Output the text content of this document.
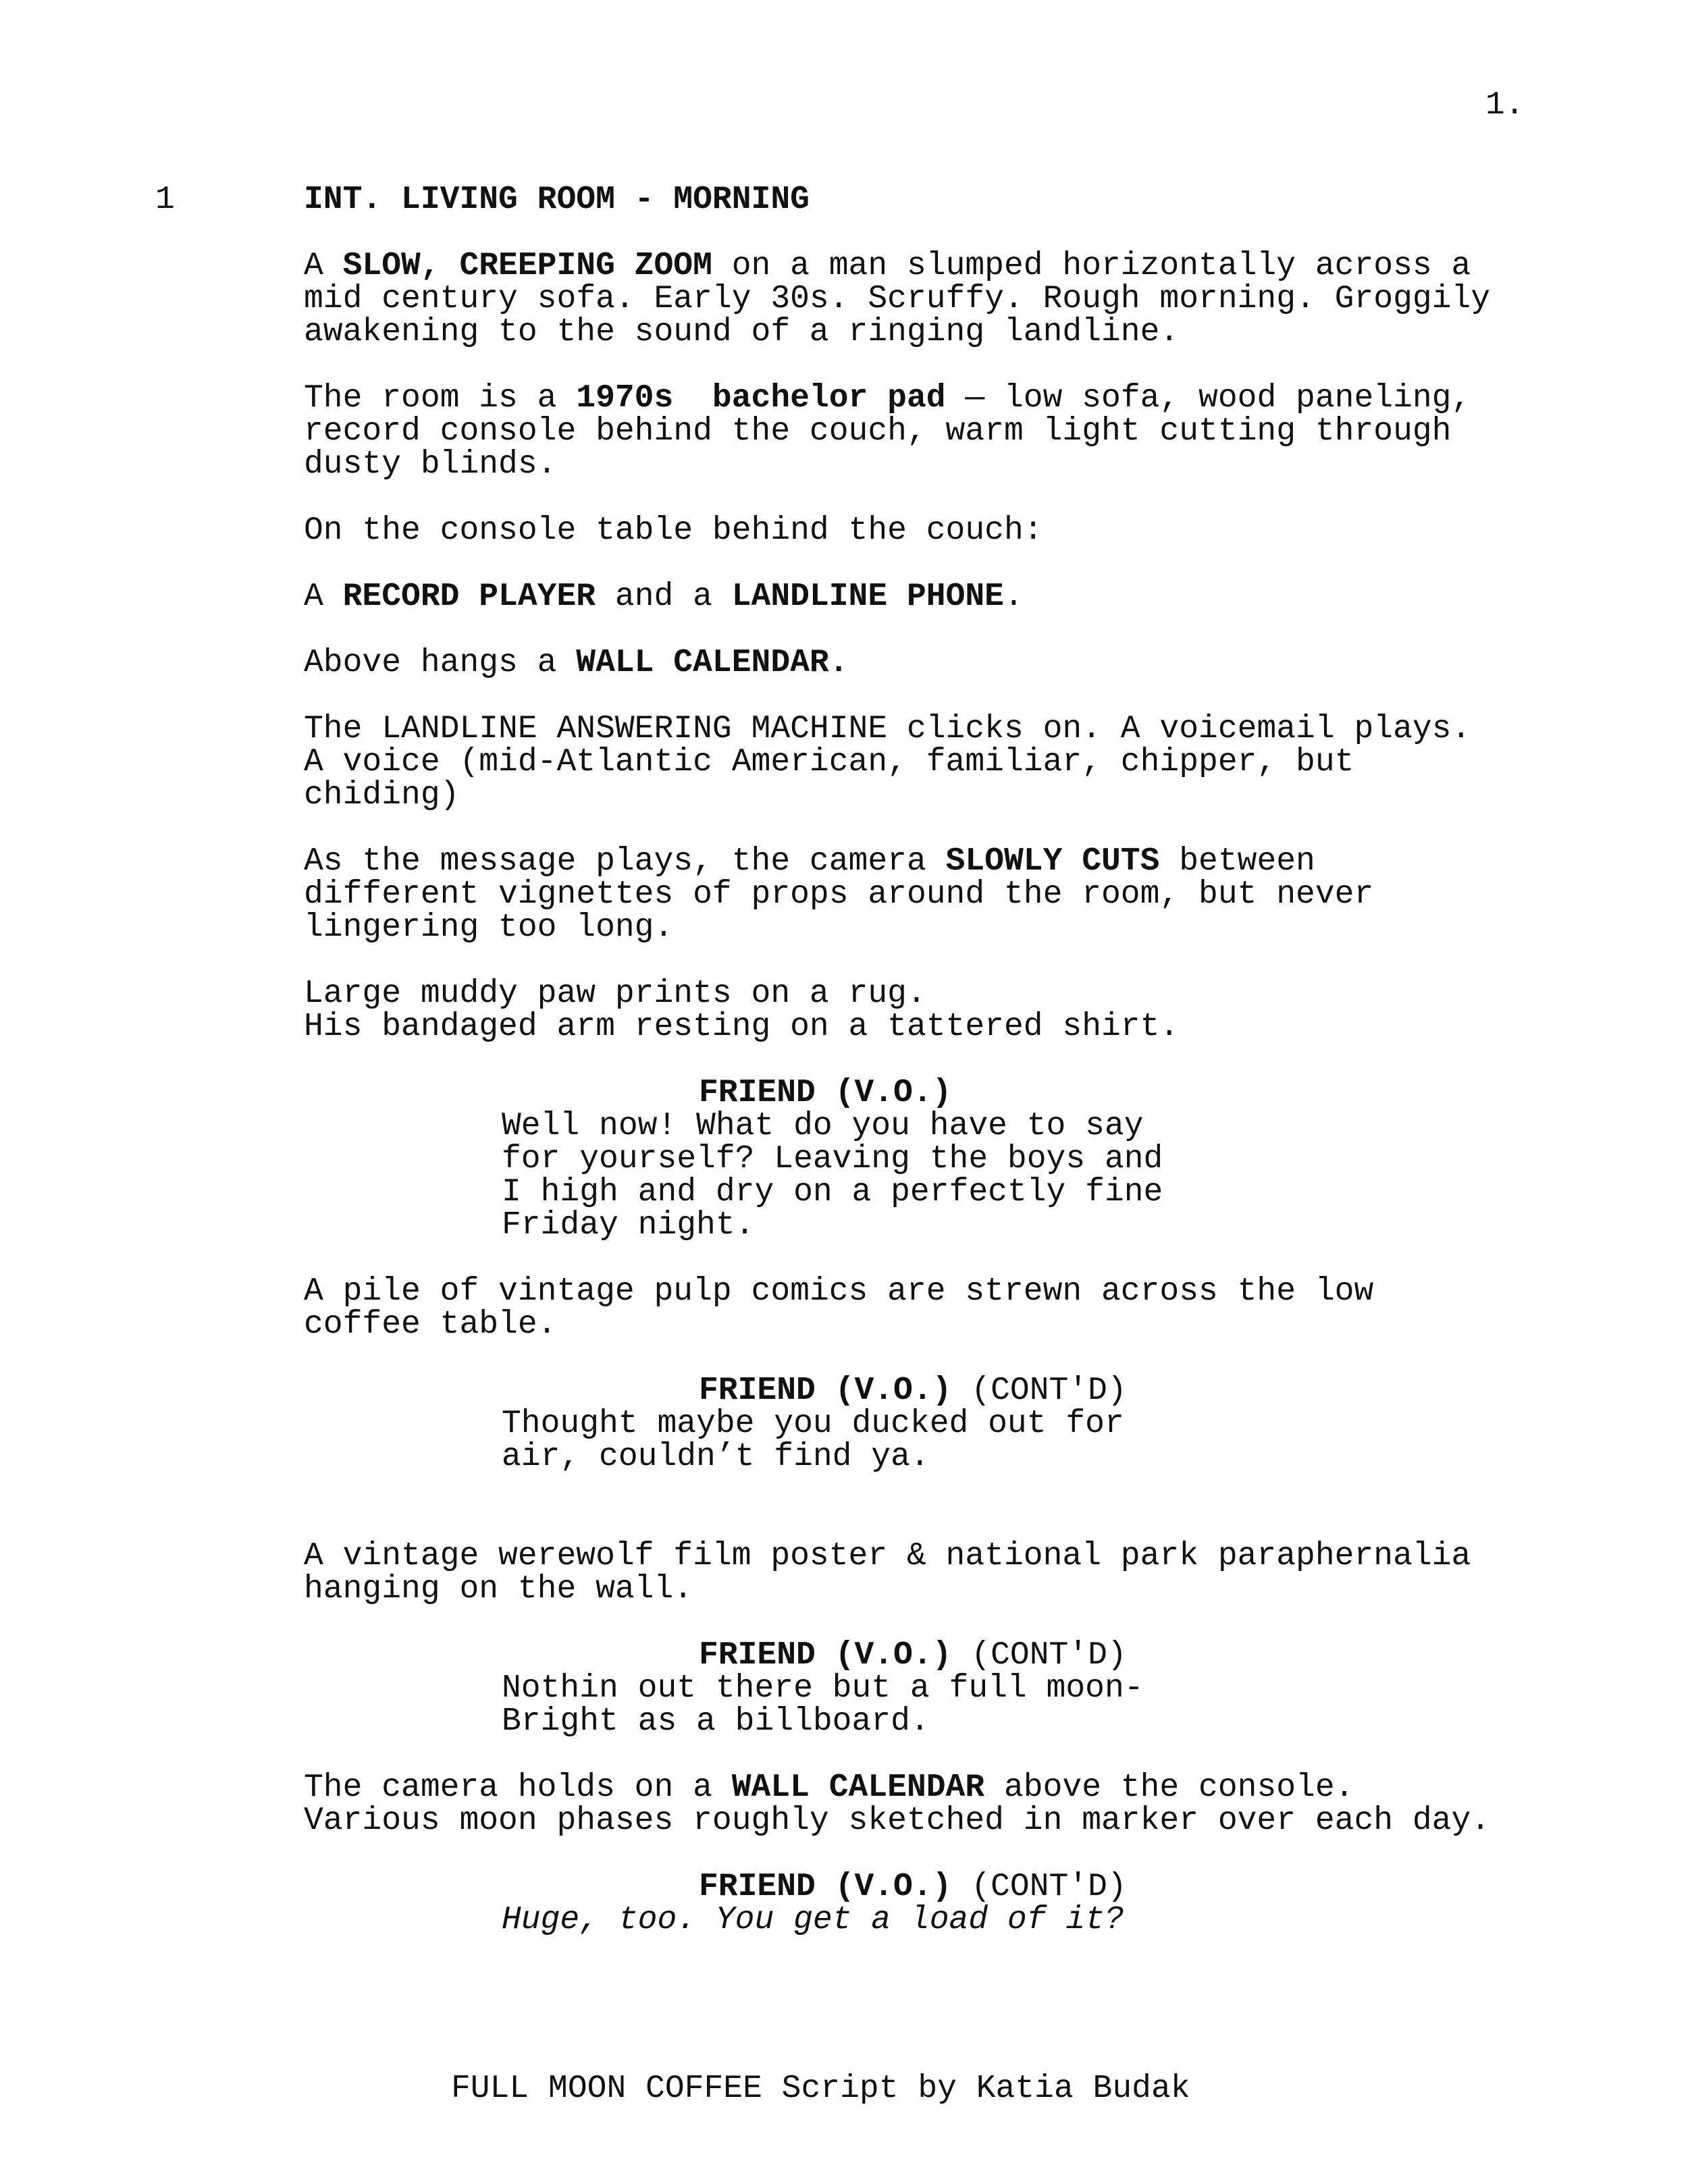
1.
1	INT. LIVING ROOM - MORNING
A SLOW, CREEPING ZOOM on a man slumped horizontally across a
mid century sofa. Early 30s. Scruffy. Rough morning. Groggily
awakening to the sound of a ringing landline.
The room is a 1970s  bachelor pad — low sofa, wood paneling,
record console behind the couch, warm light cutting through
dusty blinds.
On the console table behind the couch:
A RECORD PLAYER and a LANDLINE PHONE.
Above hangs a WALL CALENDAR.
The LANDLINE ANSWERING MACHINE clicks on. A voicemail plays.
A voice (mid-Atlantic American, familiar, chipper, but
chiding)
As the message plays, the camera SLOWLY CUTS between
different vignettes of props around the room, but never
lingering too long.
Large muddy paw prints on a rug.
His bandaged arm resting on a tattered shirt.
FRIEND (V.O.)
Well now! What do you have to say
for yourself? Leaving the boys and
I high and dry on a perfectly fine
Friday night.
A pile of vintage pulp comics are strewn across the low
coffee table.
FRIEND (V.O.) (CONT'D)
Thought maybe you ducked out for
air, couldn’t find ya.
A vintage werewolf film poster & national park paraphernalia
hanging on the wall.
FRIEND (V.O.) (CONT'D)
Nothin out there but a full moon-
Bright as a billboard.
The camera holds on a WALL CALENDAR above the console.
Various moon phases roughly sketched in marker over each day.
FRIEND (V.O.) (CONT'D)
Huge, too. You get a load of it?
FULL MOON COFFEE Script by Katia Budak
